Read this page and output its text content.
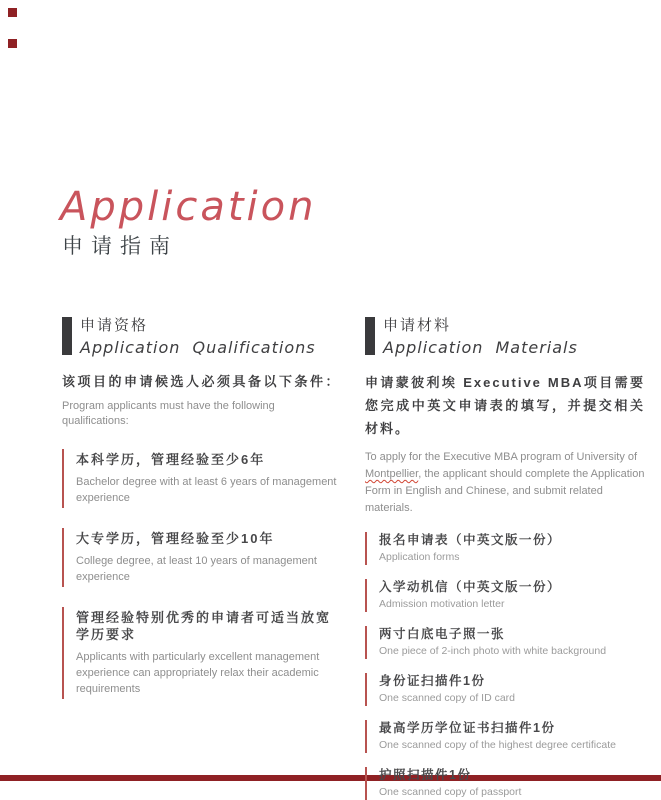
Application
申请指南
申请资格
Application Qualifications

该项目的申请候选人必须具备以下条件：

Program applicants must have the following qualifications:

本科学历，管理经验至少6年
Bachelor degree with at least 6 years of management experience
大专学历，管理经验至少10年
College degree, at least 10 years of management experience
管理经验特别优秀的申请者可适当放宽学历要求
Applicants with particularly excellent management experience can appropriately relax their academic requirements
申请材料
Application Materials

申请蒙彼利埃 Executive MBA项目需要您完成中英文申请表的填写，并提交相关材料。

To apply for the Executive MBA program of University of Montpellier, the applicant should complete the Application Form in English and Chinese, and submit related materials.

报名申请表（中英文版一份）
Application forms
入学动机信（中英文版一份）
Admission motivation letter
两寸白底电子照一张
One piece of 2-inch photo with white background
身份证扫描件1份
One scanned copy of ID card
最高学历学位证书扫描件1份
One scanned copy of the highest degree certificate
护照扫描件1份
One scanned copy of passport
